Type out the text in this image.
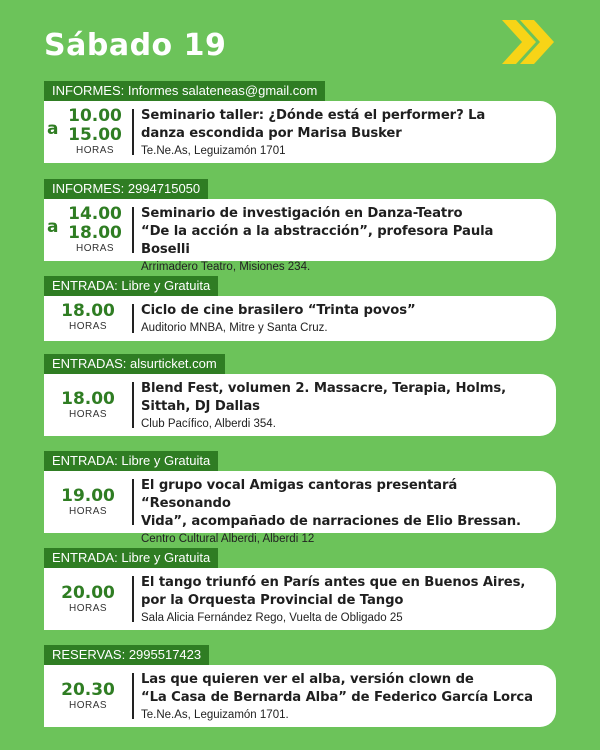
Sábado 19
INFORMES: Informes salateneas@gmail.com
a
10.00
15.00
HORAS
Seminario taller: ¿Dónde está el performer? La
danza escondida por Marisa Busker
Te.Ne.As, Leguizamón 1701
INFORMES: 2994715050
a
14.00
18.00
HORAS
Seminario de investigación en Danza-Teatro
“De la acción a la abstracción”, profesora Paula Boselli
Arrimadero Teatro, Misiones 234.
ENTRADA: Libre y Gratuita
18.00
HORAS
Ciclo de cine brasilero “Trinta povos”
Auditorio MNBA, Mitre y Santa Cruz.
ENTRADAS: alsurticket.com
18.00
HORAS
Blend Fest, volumen 2. Massacre, Terapia, Holms,
Sittah, DJ Dallas
Club Pacífico, Alberdi 354.
ENTRADA: Libre y Gratuita
19.00
HORAS
El grupo vocal Amigas cantoras presentará “Resonando
Vida”, acompañado de narraciones de Elio Bressan.
Centro Cultural Alberdi, Alberdi 12
ENTRADA: Libre y Gratuita
20.00
HORAS
El tango triunfó en París antes que en Buenos Aires,
por la Orquesta Provincial de Tango
Sala Alicia Fernández Rego, Vuelta de Obligado 25
RESERVAS: 2995517423
20.30
HORAS
Las que quieren ver el alba, versión clown de
“La Casa de Bernarda Alba” de Federico García Lorca
Te.Ne.As, Leguizamón 1701.
